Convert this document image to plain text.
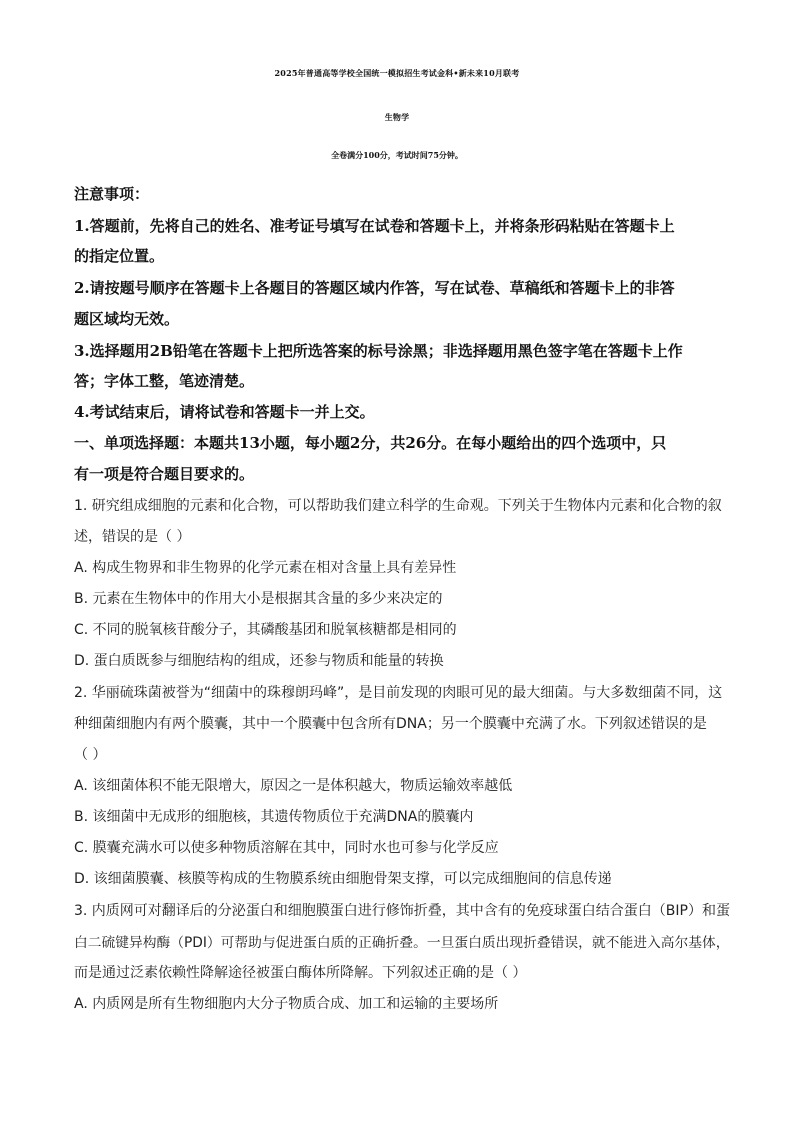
2025年普通高等学校全国统一模拟招生考试金科•新未来10月联考
生物学
全卷满分100分，考试时间75分钟。
注意事项：
1.答题前，先将自己的姓名、准考证号填写在试卷和答题卡上，并将条形码粘贴在答题卡上
的指定位置。
2.请按题号顺序在答题卡上各题目的答题区域内作答，写在试卷、草稿纸和答题卡上的非答
题区域均无效。
3.选择题用2B铅笔在答题卡上把所选答案的标号涂黑；非选择题用黑色签字笔在答题卡上作
答；字体工整，笔迹清楚。
4.考试结束后，请将试卷和答题卡一并上交。
一、单项选择题：本题共13小题，每小题2分，共26分。在每小题给出的四个选项中，只
有一项是符合题目要求的。
1. 研究组成细胞的元素和化合物，可以帮助我们建立科学的生命观。下列关于生物体内元素和化合物的叙
述，错误的是（ ）
A. 构成生物界和非生物界的化学元素在相对含量上具有差异性
B. 元素在生物体中的作用大小是根据其含量的多少来决定的
C. 不同的脱氧核苷酸分子，其磷酸基团和脱氧核糖都是相同的
D. 蛋白质既参与细胞结构的组成，还参与物质和能量的转换
2. 华丽硫珠菌被誉为“细菌中的珠穆朗玛峰”，是目前发现的肉眼可见的最大细菌。与大多数细菌不同，这
种细菌细胞内有两个膜囊，其中一个膜囊中包含所有DNA；另一个膜囊中充满了水。下列叙述错误的是
（ ）
A. 该细菌体积不能无限增大，原因之一是体积越大，物质运输效率越低
B. 该细菌中无成形的细胞核，其遗传物质位于充满DNA的膜囊内
C. 膜囊充满水可以使多种物质溶解在其中，同时水也可参与化学反应
D. 该细菌膜囊、核膜等构成的生物膜系统由细胞骨架支撑，可以完成细胞间的信息传递
3. 内质网可对翻译后的分泌蛋白和细胞膜蛋白进行修饰折叠，其中含有的免疫球蛋白结合蛋白（BIP）和蛋
白二硫键异构酶（PDI）可帮助与促进蛋白质的正确折叠。一旦蛋白质出现折叠错误，就不能进入高尔基体，
而是通过泛素依赖性降解途径被蛋白酶体所降解。下列叙述正确的是（ ）
A. 内质网是所有生物细胞内大分子物质合成、加工和运输的主要场所
